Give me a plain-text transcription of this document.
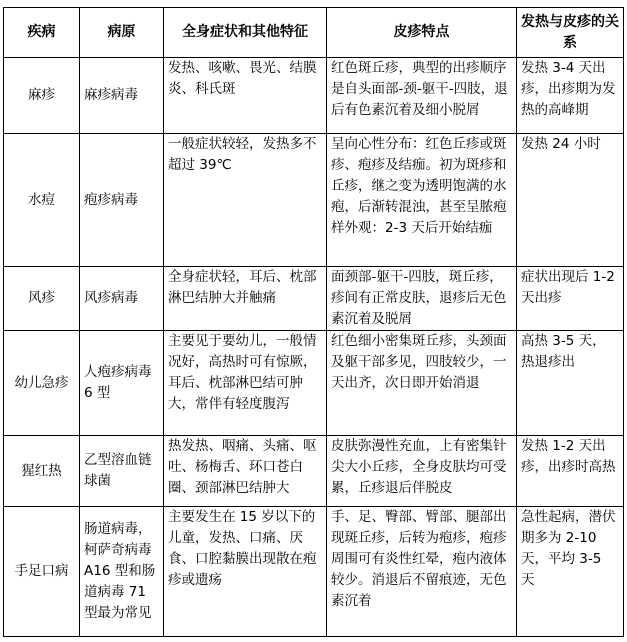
疾病	病原	全身症状和其他特征	皮疹特点	发热与皮疹的关系
麻疹	麻疹病毒	发热、咳嗽、畏光、结膜炎、科氏斑	红色斑丘疹，典型的出疹顺序是自头面部-颈-躯干-四肢，退后有色素沉着及细小脱屑	发热 3-4 天出疹，出疹期为发热的高峰期
水痘	疱疹病毒	一般症状较轻，发热多不超过 39℃	呈向心性分布：红色丘疹或斑疹、疱疹及结痂。初为斑疹和丘疹，继之变为透明饱满的水疱，后渐转混浊，甚至呈脓疱样外观：2-3 天后开始结痂	发热 24 小时
风疹	风疹病毒	全身症状轻，耳后、枕部淋巴结肿大并触痛	面颈部-躯干-四肢，斑丘疹，疹间有正常皮肤，退疹后无色素沉着及脱屑	症状出现后 1-2 天出疹
幼儿急疹	人疱疹病毒 6 型	主要见于要幼儿，一般情况好，高热时可有惊厥，耳后、枕部淋巴结可肿大，常伴有轻度腹泻	红色细小密集斑丘疹，头颈面及躯干部多见，四肢较少，一天出齐，次日即开始消退	高热 3-5 天，热退疹出
猩红热	乙型溶血链球菌	热发热、咽痛、头痛、呕吐、杨梅舌、环口苍白圈、颈部淋巴结肿大	皮肤弥漫性充血，上有密集针尖大小丘疹，全身皮肤均可受累，丘疹退后伴脱皮	发热 1-2 天出疹，出疹时高热
手足口病	肠道病毒，柯萨奇病毒 A16 型和肠道病毒 71 型最为常见	主要发生在 15 岁以下的儿童，发热、口痛、厌食、口腔黏膜出现散在疱疹或遗疡	手、足、臀部、臂部、腿部出现斑丘疹，后转为疱疹，疱疹周围可有炎性红晕，疱内液体较少。消退后不留痕迹，无色素沉着	急性起病，潜伏期多为 2-10 天，平均 3-5 天
